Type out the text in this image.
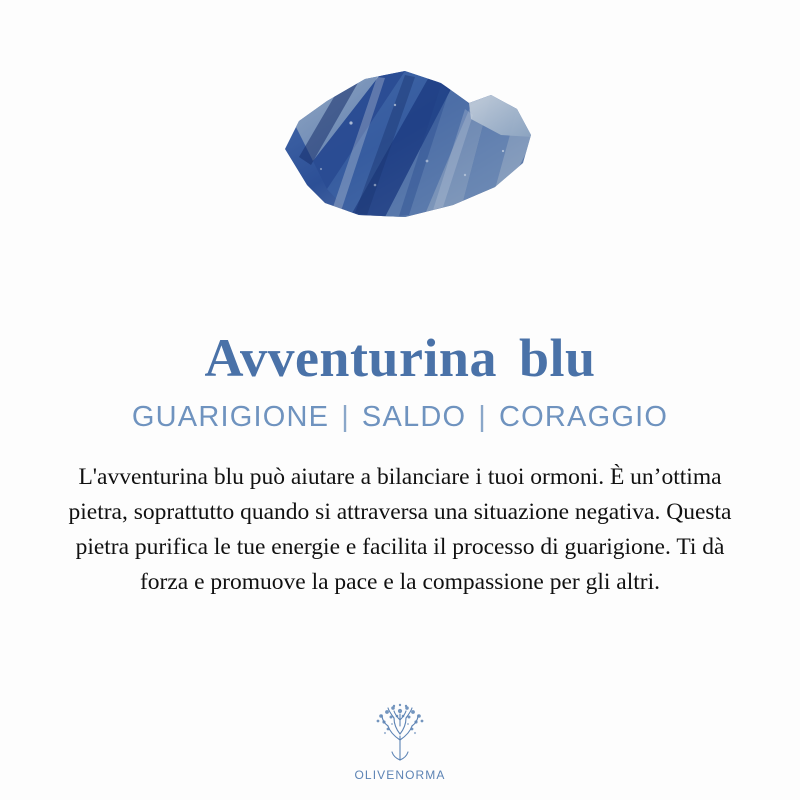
Avventurina blu
GUARIGIONE | SALDO | CORAGGIO

L'avventurina blu può aiutare a bilanciare i tuoi ormoni. È un’ottima pietra, soprattutto quando si attraversa una situazione negativa. Questa pietra purifica le tue energie e facilita il processo di guarigione. Ti dà forza e promuove la pace e la compassione per gli altri.

OLIVENORMA
